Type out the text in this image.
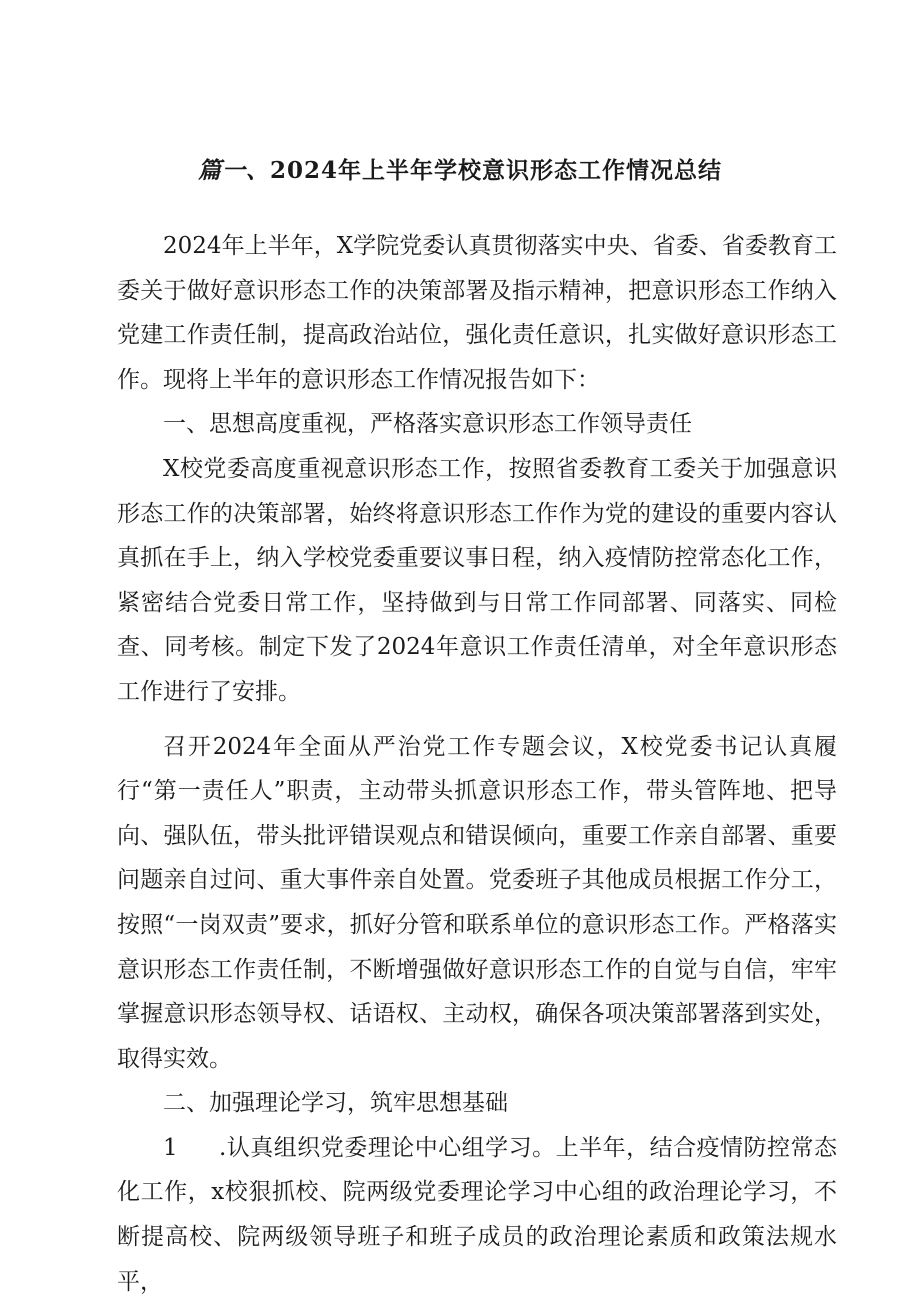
篇一、2024年上半年学校意识形态工作情况总结

2024年上半年，X学院党委认真贯彻落实中央、省委、省委教育工委关于做好意识形态工作的决策部署及指示精神，把意识形态工作纳入党建工作责任制，提高政治站位，强化责任意识，扎实做好意识形态工作。现将上半年的意识形态工作情况报告如下：

一、思想高度重视，严格落实意识形态工作领导责任

X校党委高度重视意识形态工作，按照省委教育工委关于加强意识形态工作的决策部署，始终将意识形态工作作为党的建设的重要内容认真抓在手上，纳入学校党委重要议事日程，纳入疫情防控常态化工作，紧密结合党委日常工作，坚持做到与日常工作同部署、同落实、同检查、同考核。制定下发了2024年意识工作责任清单，对全年意识形态工作进行了安排。

召开2024年全面从严治党工作专题会议，X校党委书记认真履行“第一责任人”职责，主动带头抓意识形态工作，带头管阵地、把导向、强队伍，带头批评错误观点和错误倾向，重要工作亲自部署、重要问题亲自过问、重大事件亲自处置。党委班子其他成员根据工作分工，按照“一岗双责”要求，抓好分管和联系单位的意识形态工作。严格落实意识形态工作责任制，不断增强做好意识形态工作的自觉与自信，牢牢掌握意识形态领导权、话语权、主动权，确保各项决策部署落到实处，取得实效。

二、加强理论学习，筑牢思想基础

1 .认真组织党委理论中心组学习。上半年，结合疫情防控常态化工作，x校狠抓校、院两级党委理论学习中心组的政治理论学习，不断提高校、院两级领导班子和班子成员的政治理论素质和政策法规水平，
